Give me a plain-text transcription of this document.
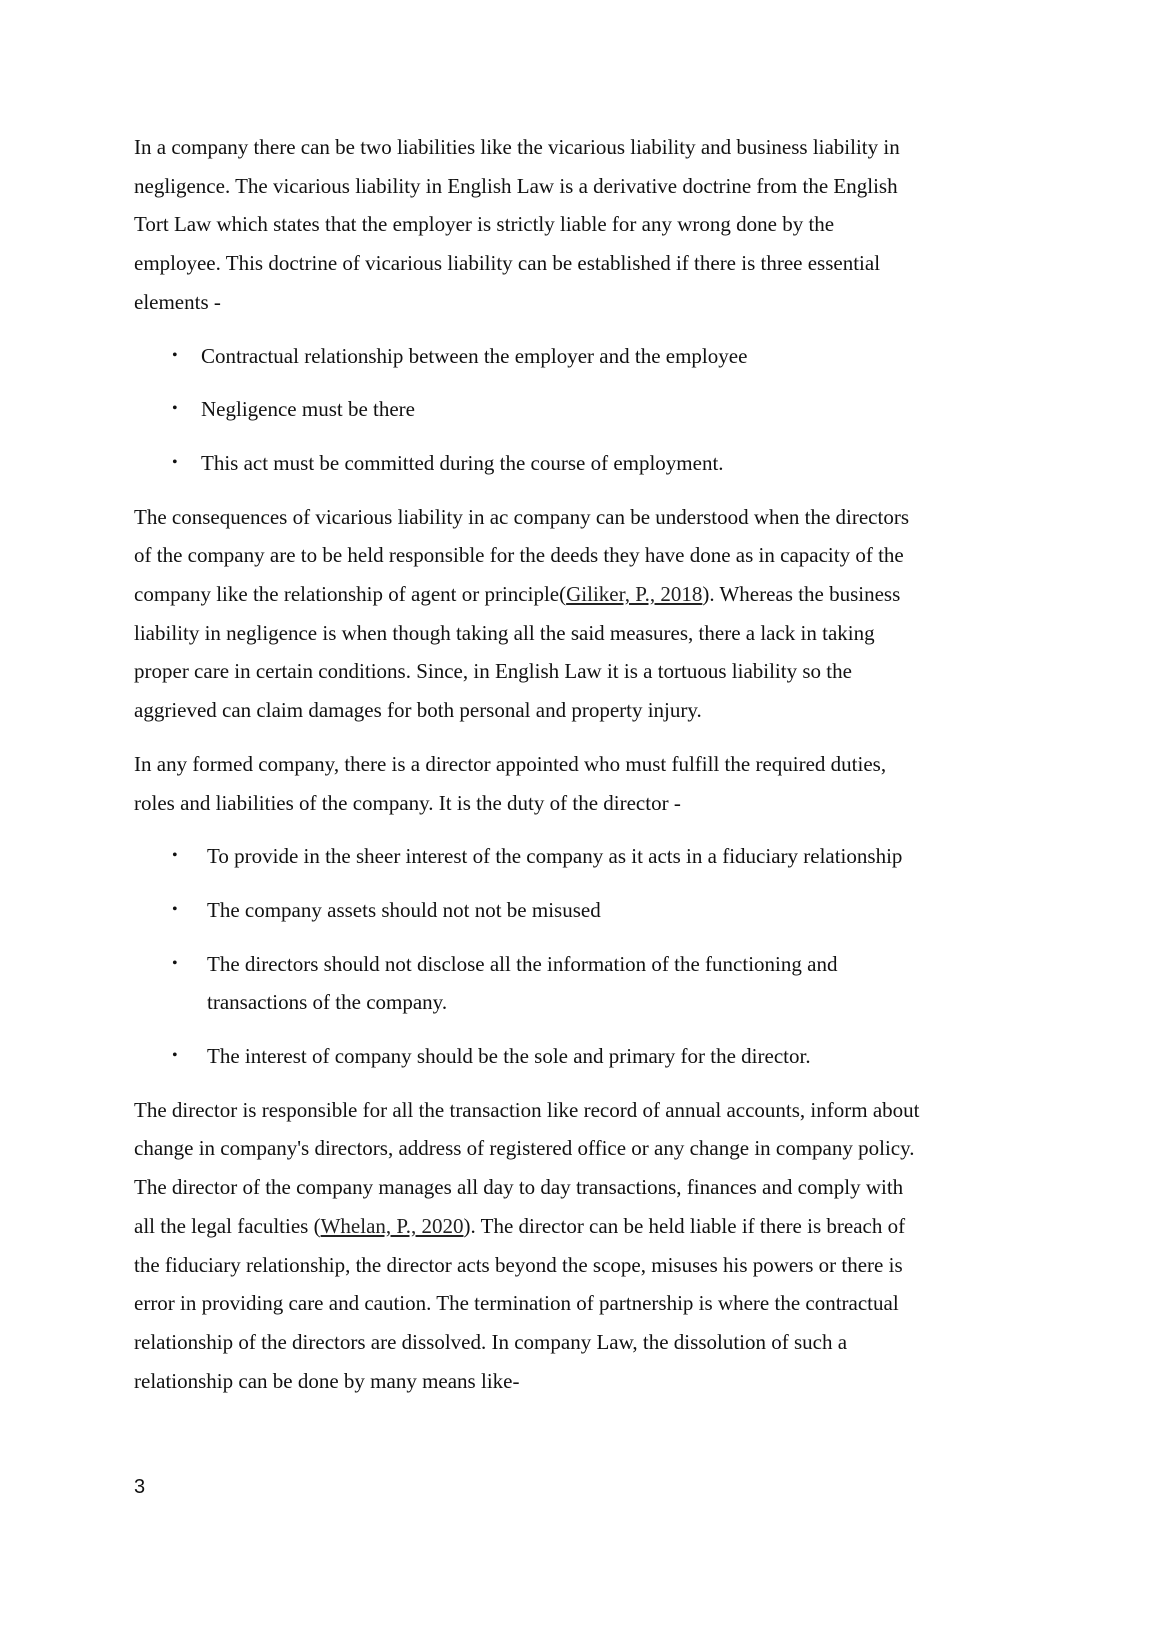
In a company there can be two liabilities like the vicarious liability and business liability in
negligence. The vicarious liability in English Law is a derivative doctrine from the English
Tort Law which states that the employer is strictly liable for any wrong done by the
employee. This doctrine of vicarious liability can be established if there is three essential
elements -

•	Contractual relationship between the employer and the employee
•	Negligence must be there
•	This act must be committed during the course of employment.

The consequences of vicarious liability in ac company can be understood when the directors
of the company are to be held responsible for the deeds they have done as in capacity of the
company like the relationship of agent or principle(Giliker, P., 2018). Whereas the business
liability in negligence is when though taking all the said measures, there a lack in taking
proper care in certain conditions. Since, in English Law it is a tortuous liability so the
aggrieved can claim damages for both personal and property injury.

In any formed company, there is a director appointed who must fulfill the required duties,
roles and liabilities of the company. It is the duty of the director -

•	To provide in the sheer interest of the company as it acts in a fiduciary relationship
•	The company assets should not not be misused
•	The directors should not disclose all the information of the functioning and
transactions of the company.
•	The interest of company should be the sole and primary for the director.

The director is responsible for all the transaction like record of annual accounts, inform about
change in company's directors, address of registered office or any change in company policy.
The director of the company manages all day to day transactions, finances and comply with
all the legal faculties (Whelan, P., 2020). The director can be held liable if there is breach of
the fiduciary relationship, the director acts beyond the scope, misuses his powers or there is
error in providing care and caution. The termination of partnership is where the contractual
relationship of the directors are dissolved. In company Law, the dissolution of such a
relationship can be done by many means like-

3
